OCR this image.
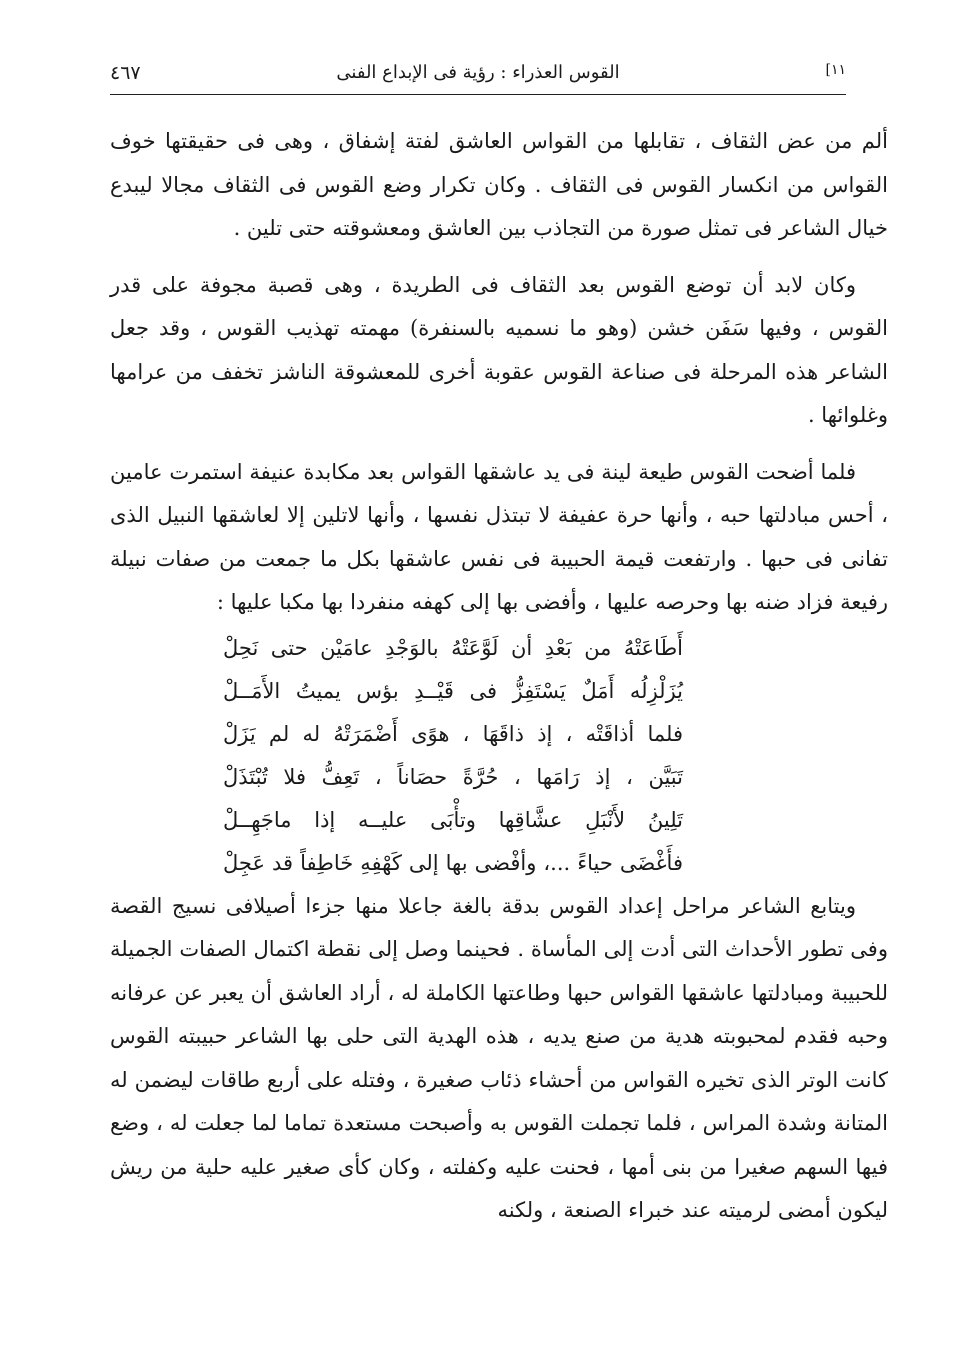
٤٦٧	القوس العذراء : رؤية فى الإبداع الفنى	[١١

ألم من عض الثقاف ، تقابلها من القواس العاشق لفتة إشفاق ، وهى فى حقيقتها خوف القواس من انكسار القوس فى الثقاف . وكان تكرار وضع القوس فى الثقاف مجالا ليبدع خيال الشاعر فى تمثل صورة من التجاذب بين العاشق ومعشوقته حتى تلين .

وكان لابد أن توضع القوس بعد الثقاف فى الطريدة ، وهى قصبة مجوفة على قدر القوس ، وفيها سَفَن خشن (وهو ما نسميه بالسنفرة) مهمته تهذيب القوس ، وقد جعل الشاعر هذه المرحلة فى صناعة القوس عقوبة أخرى للمعشوقة الناشز تخفف من عرامها وغلوائها .

فلما أضحت القوس طيعة لينة فى يد عاشقها القواس بعد مكابدة عنيفة استمرت عامين ، أحس مبادلتها حبه ، وأنها حرة عفيفة لا تبتذل نفسها ، وأنها لاتلين إلا لعاشقها النبيل الذى تفانى فى حبها . وارتفعت قيمة الحبيبة فى نفس عاشقها بكل ما جمعت من صفات نبيلة رفيعة فزاد ضنه بها وحرصه عليها ، وأفضى بها إلى كهفه منفردا بها مكبا عليها :

أَطَاعَتْهُ من بَعْدِ أن لَوَّعَتْهُ بالوَجْدِ عامَيْن حتى نَحِلْ
يُزَلْزِلُه أَمَلٌ يَسْتَفِزُّ فى قَيْــدِ بؤس يميتُ الأَمَــلْ
فلما أذاقَتْه ، إذ ذاقَهَا ، هوًى أَضْمَرَتْهُ له لم يَزَلْ
تَبَيَّن ، إذ رَامَها ، حُرَّةً حصَاناً ، تَعِفُّ فلا تُبْتَذَلْ
تَلِينُ لأَنْبَلِ عشَّاقِها وتأْبَى عليــه إذا ماجَهِــلْ
فأَغْضَى حياءً ...، وأفْضى بها إلى كَهْفِهِ خَاطِفاً قد عَجِلْ

ويتابع الشاعر مراحل إعداد القوس بدقة بالغة جاعلا منها جزءا أصيلافى نسيج القصة وفى تطور الأحداث التى أدت إلى المأساة . فحينما وصل إلى نقطة اكتمال الصفات الجميلة للحبيبة ومبادلتها عاشقها القواس حبها وطاعتها الكاملة له ، أراد العاشق أن يعبر عن عرفانه وحبه فقدم لمحبوبته هدية من صنع يديه ، هذه الهدية التى حلى بها الشاعر حبيبته القوس كانت الوتر الذى تخيره القواس من أحشاء ذئاب صغيرة ، وفتله على أربع طاقات ليضمن له المتانة وشدة المراس ، فلما تجملت القوس به وأصبحت مستعدة تماما لما جعلت له ، وضع فيها السهم صغيرا من بنى أمها ، فحنت عليه وكفلته ، وكان كأى صغير عليه حلية من ريش ليكون أمضى لرميته عند خبراء الصنعة ، ولكنه
